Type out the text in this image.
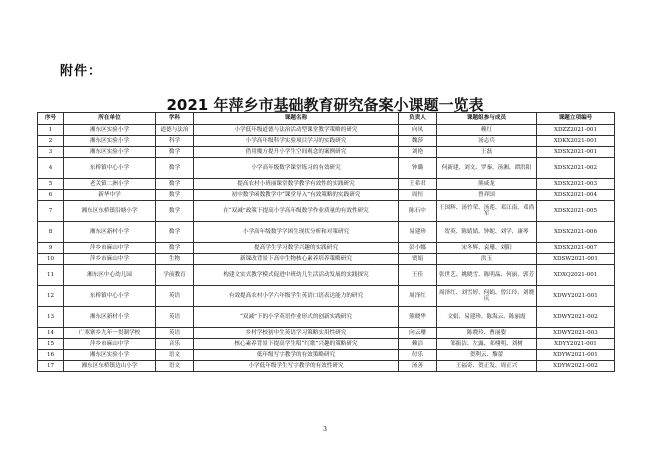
附件：
2021 年萍乡市基础教育研究备案小课题一览表
序号	所在单位	学科	课题名称	负责人	课题组参与成员	课题立项编号
1	湘东区实验小学	道德与法治	小学低年级道德与法治活动型课堂教学策略的研究	向凤	赖红	XDZZ2021-001
2	湘东区实验小学	科学	小学高年级科学实验项目学习的实践研究	魏莎	汤志兵	XDKX2021-001
3	湘东区实验小学	数学	借用魔方提升小学生空间观念的案例研究	刘艳	王磊	XDSX2021-001
4	东桥镇中心小学	数学	小学高年级数学课堂练习的有效研究	钟璐	何新建、刘文、罗秦、汤湘、谭洪阳	XDSX2021-002
5	老关镇二洲小学	数学	提高农村小班丽课堂数学教学有效性的实践研究	王希君	熊咸龙	XDSX2021-003
6	新华中学	数学	初中数学函数教学中“课堂导入”有效策略的实践研究	周恒	曾祥国	XDSX2021-004
7	湘东区东桥镇沿塘小学	数学	在“双减”政策下提高小学高年级数学作业质量的有效性研究	陈石中	王国辉、汤竹荣、汤莲、邓江南、邓尚军	XDSX2021-005
8	湘东区新村小学	数学	小学高年级数学学困生现状分析和对策研究	易建珍	贺英、陈婧婧、钟妮、刘学、康琴	XDSX2021-006
9	萍乡市麻山中学	数学	提高学生学习数学兴趣的实践研究	彭小娜	宋冬辉、袁珊、刘阳	XDSX2021-007
10	萍乡市麻山中学	生物	新课改背景下高中生物核心素养培养策略研究	贾娟	洪玉	XDSW2021-001
11	湘东区中心幼儿园	学前教育	构建文实式教学模式促进中班幼儿生活活动发展的实践探究	王佳	张世艺、姚晓雪、陈明晶、何丽、郭芳	XDXQ2021-001
12	东桥镇中心小学	英语	有效提高农村小学六年级学生英语口语表达能力的研究	周泽红	周泽红、刘雪婷、何娟、曾江玲、刘晓庆	XDWY2021-001
13	湘东区新村小学	英语	“双减”下的小学英语作业形式的创新实践研究	熊晓华	文娟、易建珍、陈海云、陈丽霞	XDWY2021-002
14	广寒寨乡九年一贯制学校	英语	乡村学校初中生英语学习策略实用性研究	向云珊	陈晓玲、曹丽姿	XDWY2021-003
15	萍乡市麻山中学	音乐	核心素养背景下提高学生唱“红歌”兴趣的策略研究	赖洁	邹振洁、左露、邓栩明、刘树	XDYY2021-001
16	湘东区实验小学	语文	低年级写字教学的有效策略研究	付乐	贺利云、黎蕾	XDYW2021-001
17	湘东区东桥镇边山小学	语文	小学低年级学生写字教学的有效性研究	汤善	王福奇、贺正发、周正兴	XDYW2021-002
3
